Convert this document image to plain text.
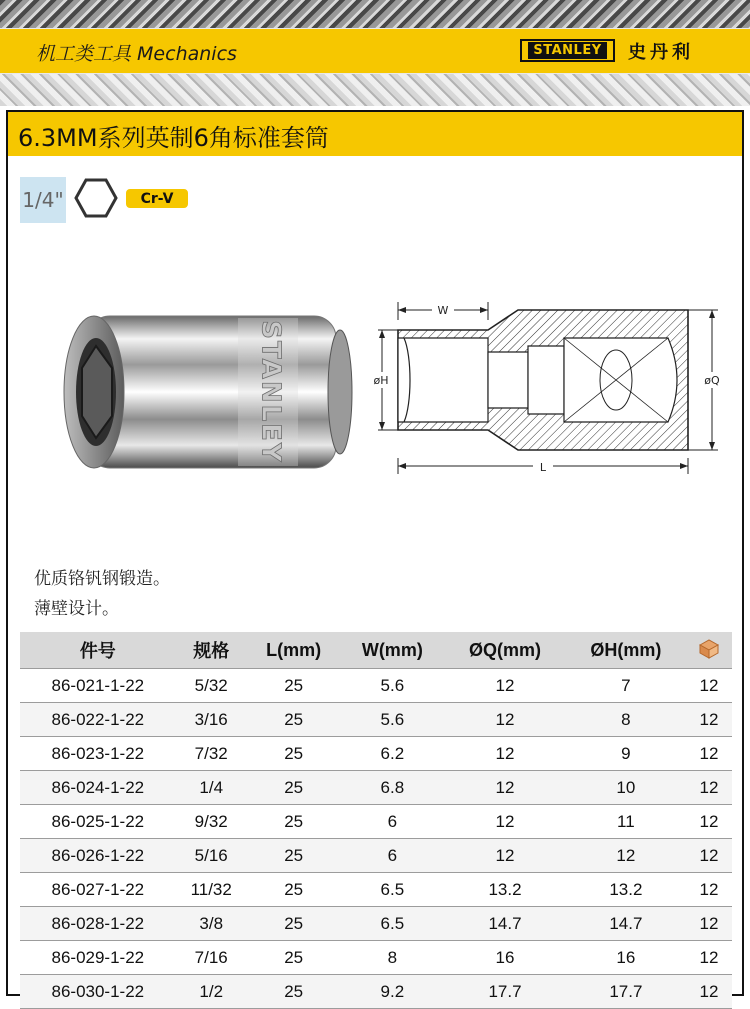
机工类工具 Mechanics	STANLEY 史丹利
6.3MM系列英制6角标准套筒
1/4"	Cr-V
STANLEY
W
L
øH	øQ
优质铬钒钢锻造。
薄壁设计。
件号	规格	L(mm)	W(mm)	ØQ(mm)	ØH(mm)	
86-021-1-22	5/32	25	5.6	12	7	12
86-022-1-22	3/16	25	5.6	12	8	12
86-023-1-22	7/32	25	6.2	12	9	12
86-024-1-22	1/4	25	6.8	12	10	12
86-025-1-22	9/32	25	6	12	11	12
86-026-1-22	5/16	25	6	12	12	12
86-027-1-22	11/32	25	6.5	13.2	13.2	12
86-028-1-22	3/8	25	6.5	14.7	14.7	12
86-029-1-22	7/16	25	8	16	16	12
86-030-1-22	1/2	25	9.2	17.7	17.7	12
